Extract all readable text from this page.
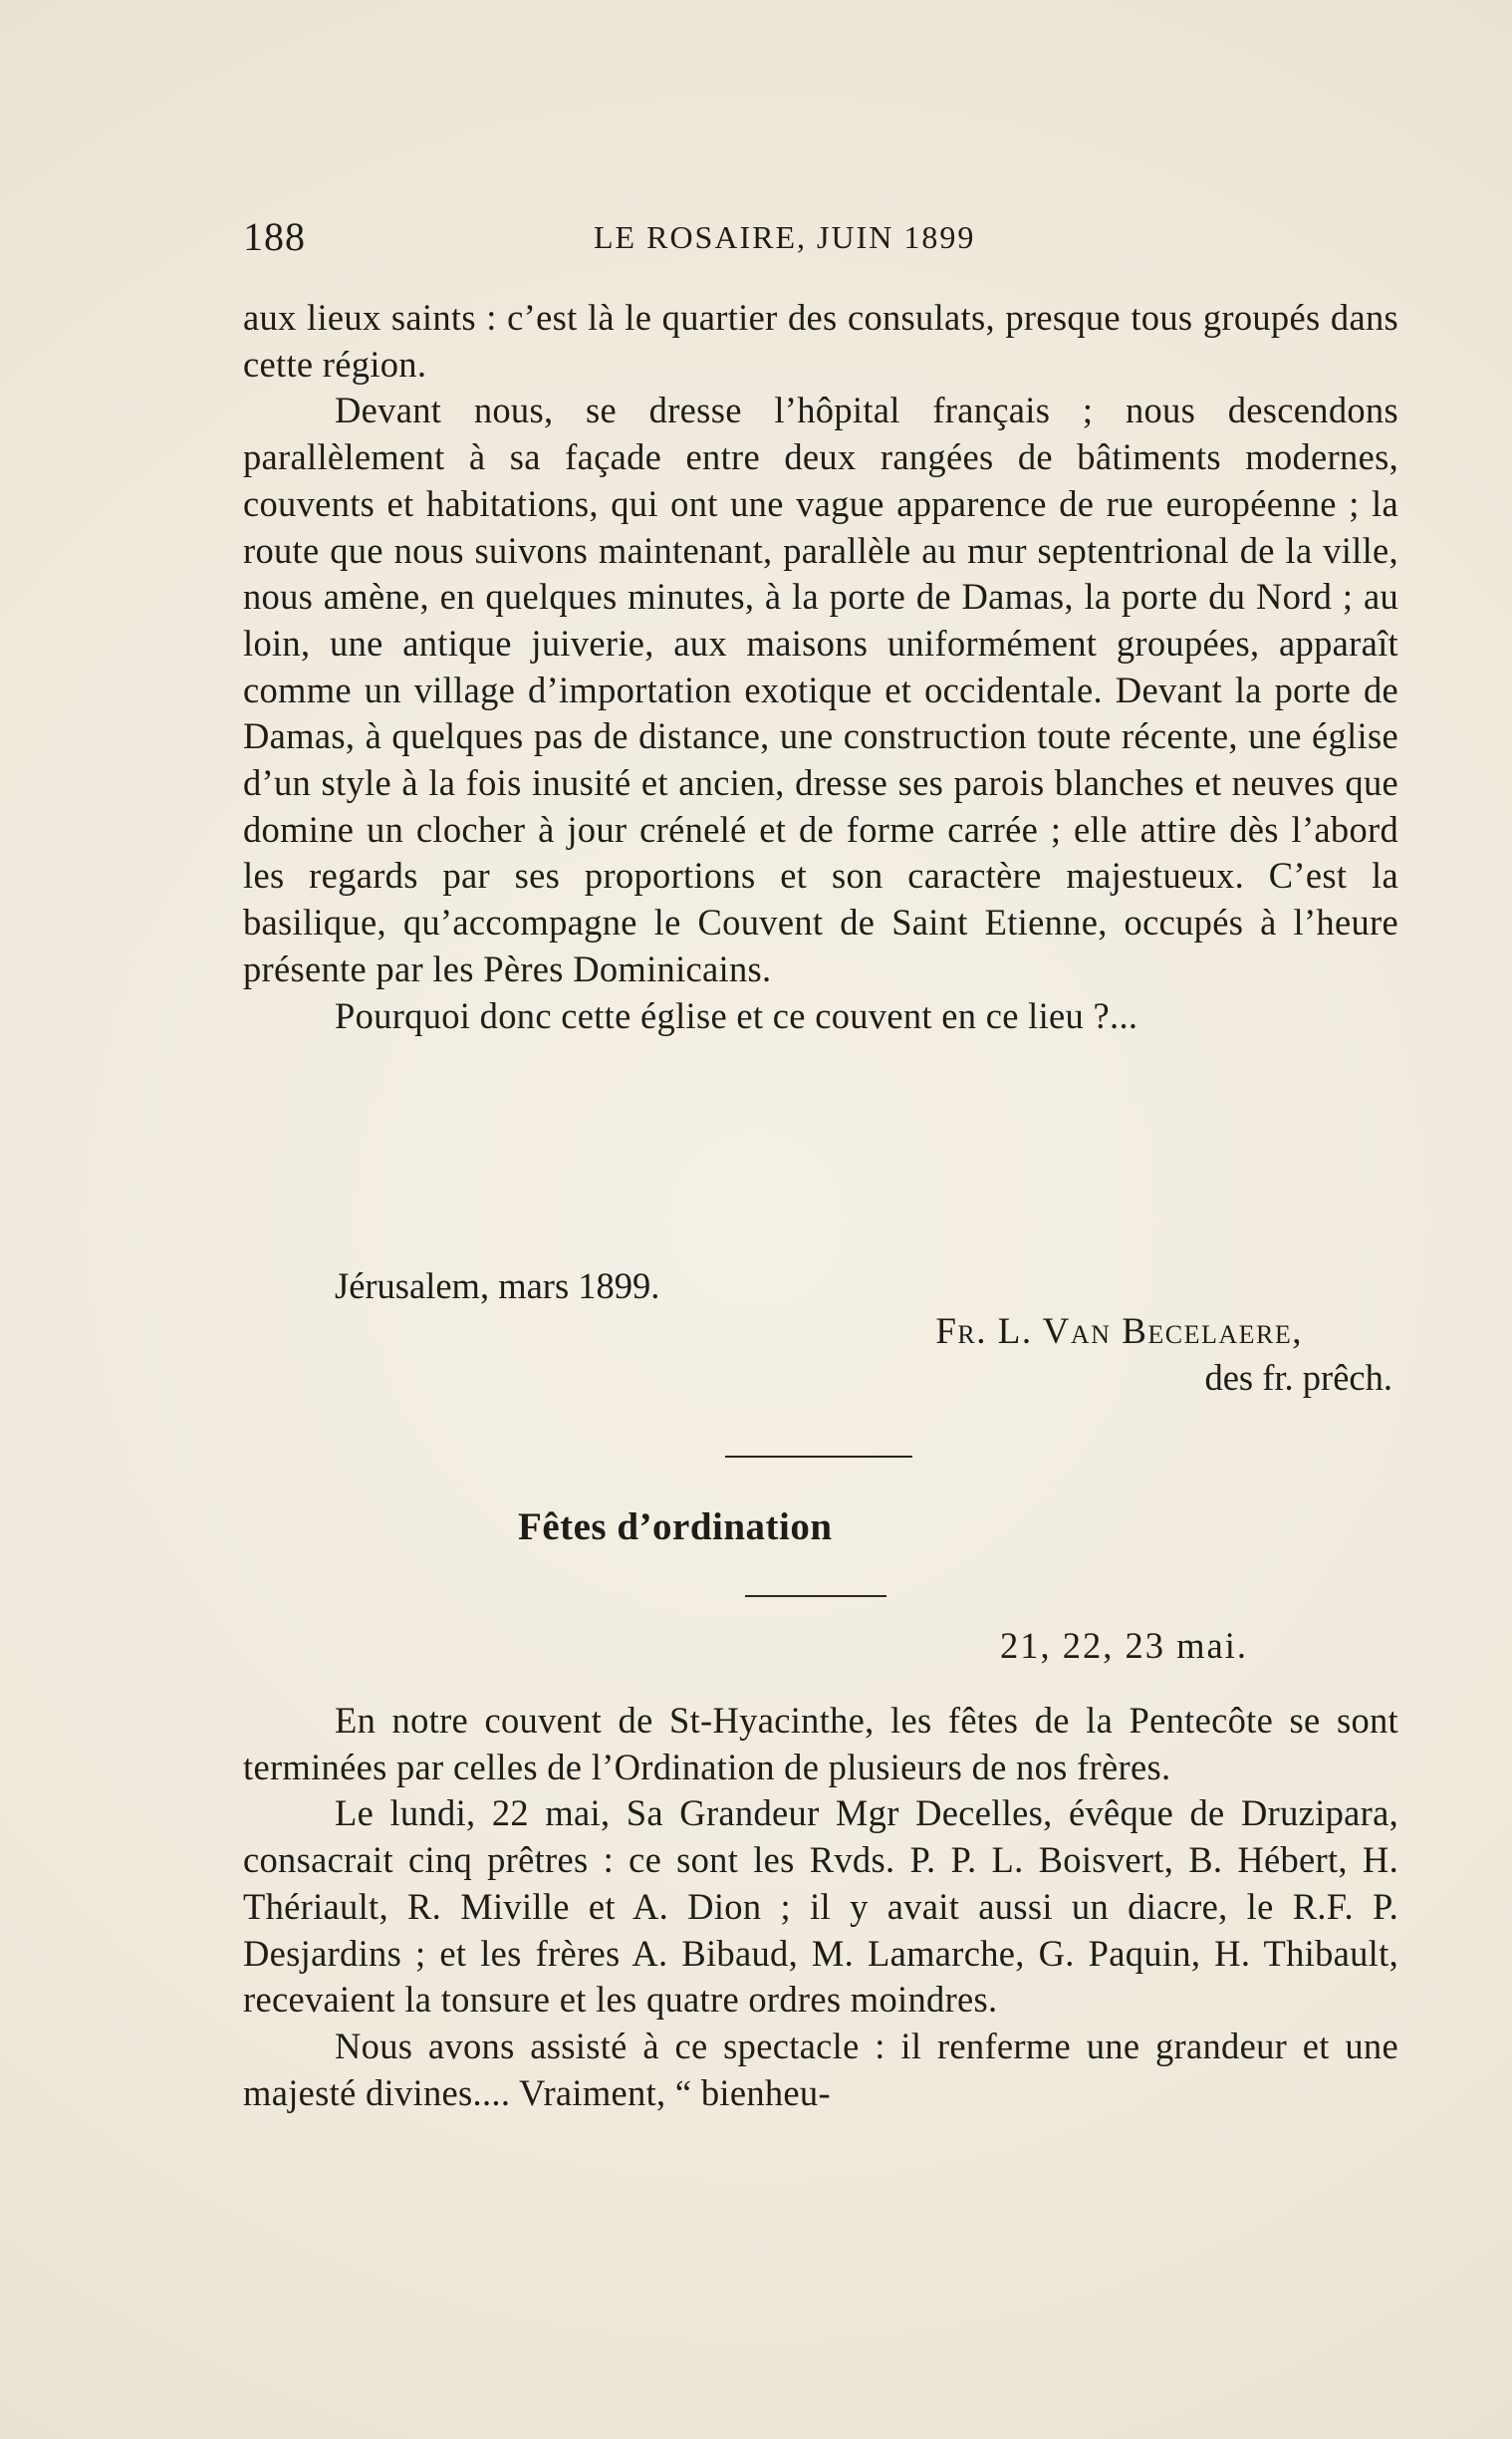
188	LE ROSAIRE, JUIN 1899

aux lieux saints : c’est là le quartier des consulats, presque tous groupés dans cette région.

Devant nous, se dresse l’hôpital français ; nous descendons parallèlement à sa façade entre deux rangées de bâtiments modernes, couvents et habitations, qui ont une vague apparence de rue européenne ; la route que nous suivons maintenant, parallèle au mur septentrional de la ville, nous amène, en quelques minutes, à la porte de Damas, la porte du Nord ; au loin, une antique juiverie, aux maisons uniformément groupées, apparaît comme un village d’importation exotique et occidentale. Devant la porte de Damas, à quelques pas de distance, une construction toute récente, une église d’un style à la fois inusité et ancien, dresse ses parois blanches et neuves que domine un clocher à jour crénelé et de forme carrée ; elle attire dès l’abord les regards par ses proportions et son caractère majestueux. C’est la basilique, qu’accompagne le Couvent de Saint Etienne, occupés à l’heure présente par les Pères Dominicains.

Pourquoi donc cette église et ce couvent en ce lieu ?...

Jérusalem, mars 1899.
Fr. L. Van Becelaere,
des fr. prêch.
Fêtes d’ordination
21, 22, 23 mai.

En notre couvent de St-Hyacinthe, les fêtes de la Pentecôte se sont terminées par celles de l’Ordination de plusieurs de nos frères.

Le lundi, 22 mai, Sa Grandeur Mgr Decelles, évêque de Druzipara, consacrait cinq prêtres : ce sont les Rvds. P. P. L. Boisvert, B. Hébert, H. Thériault, R. Miville et A. Dion ; il y avait aussi un diacre, le R.F. P. Desjardins ; et les frères A. Bibaud, M. Lamarche, G. Paquin, H. Thibault, recevaient la tonsure et les quatre ordres moindres.

Nous avons assisté à ce spectacle : il renferme une grandeur et une majesté divines.... Vraiment, “ bienheu-
